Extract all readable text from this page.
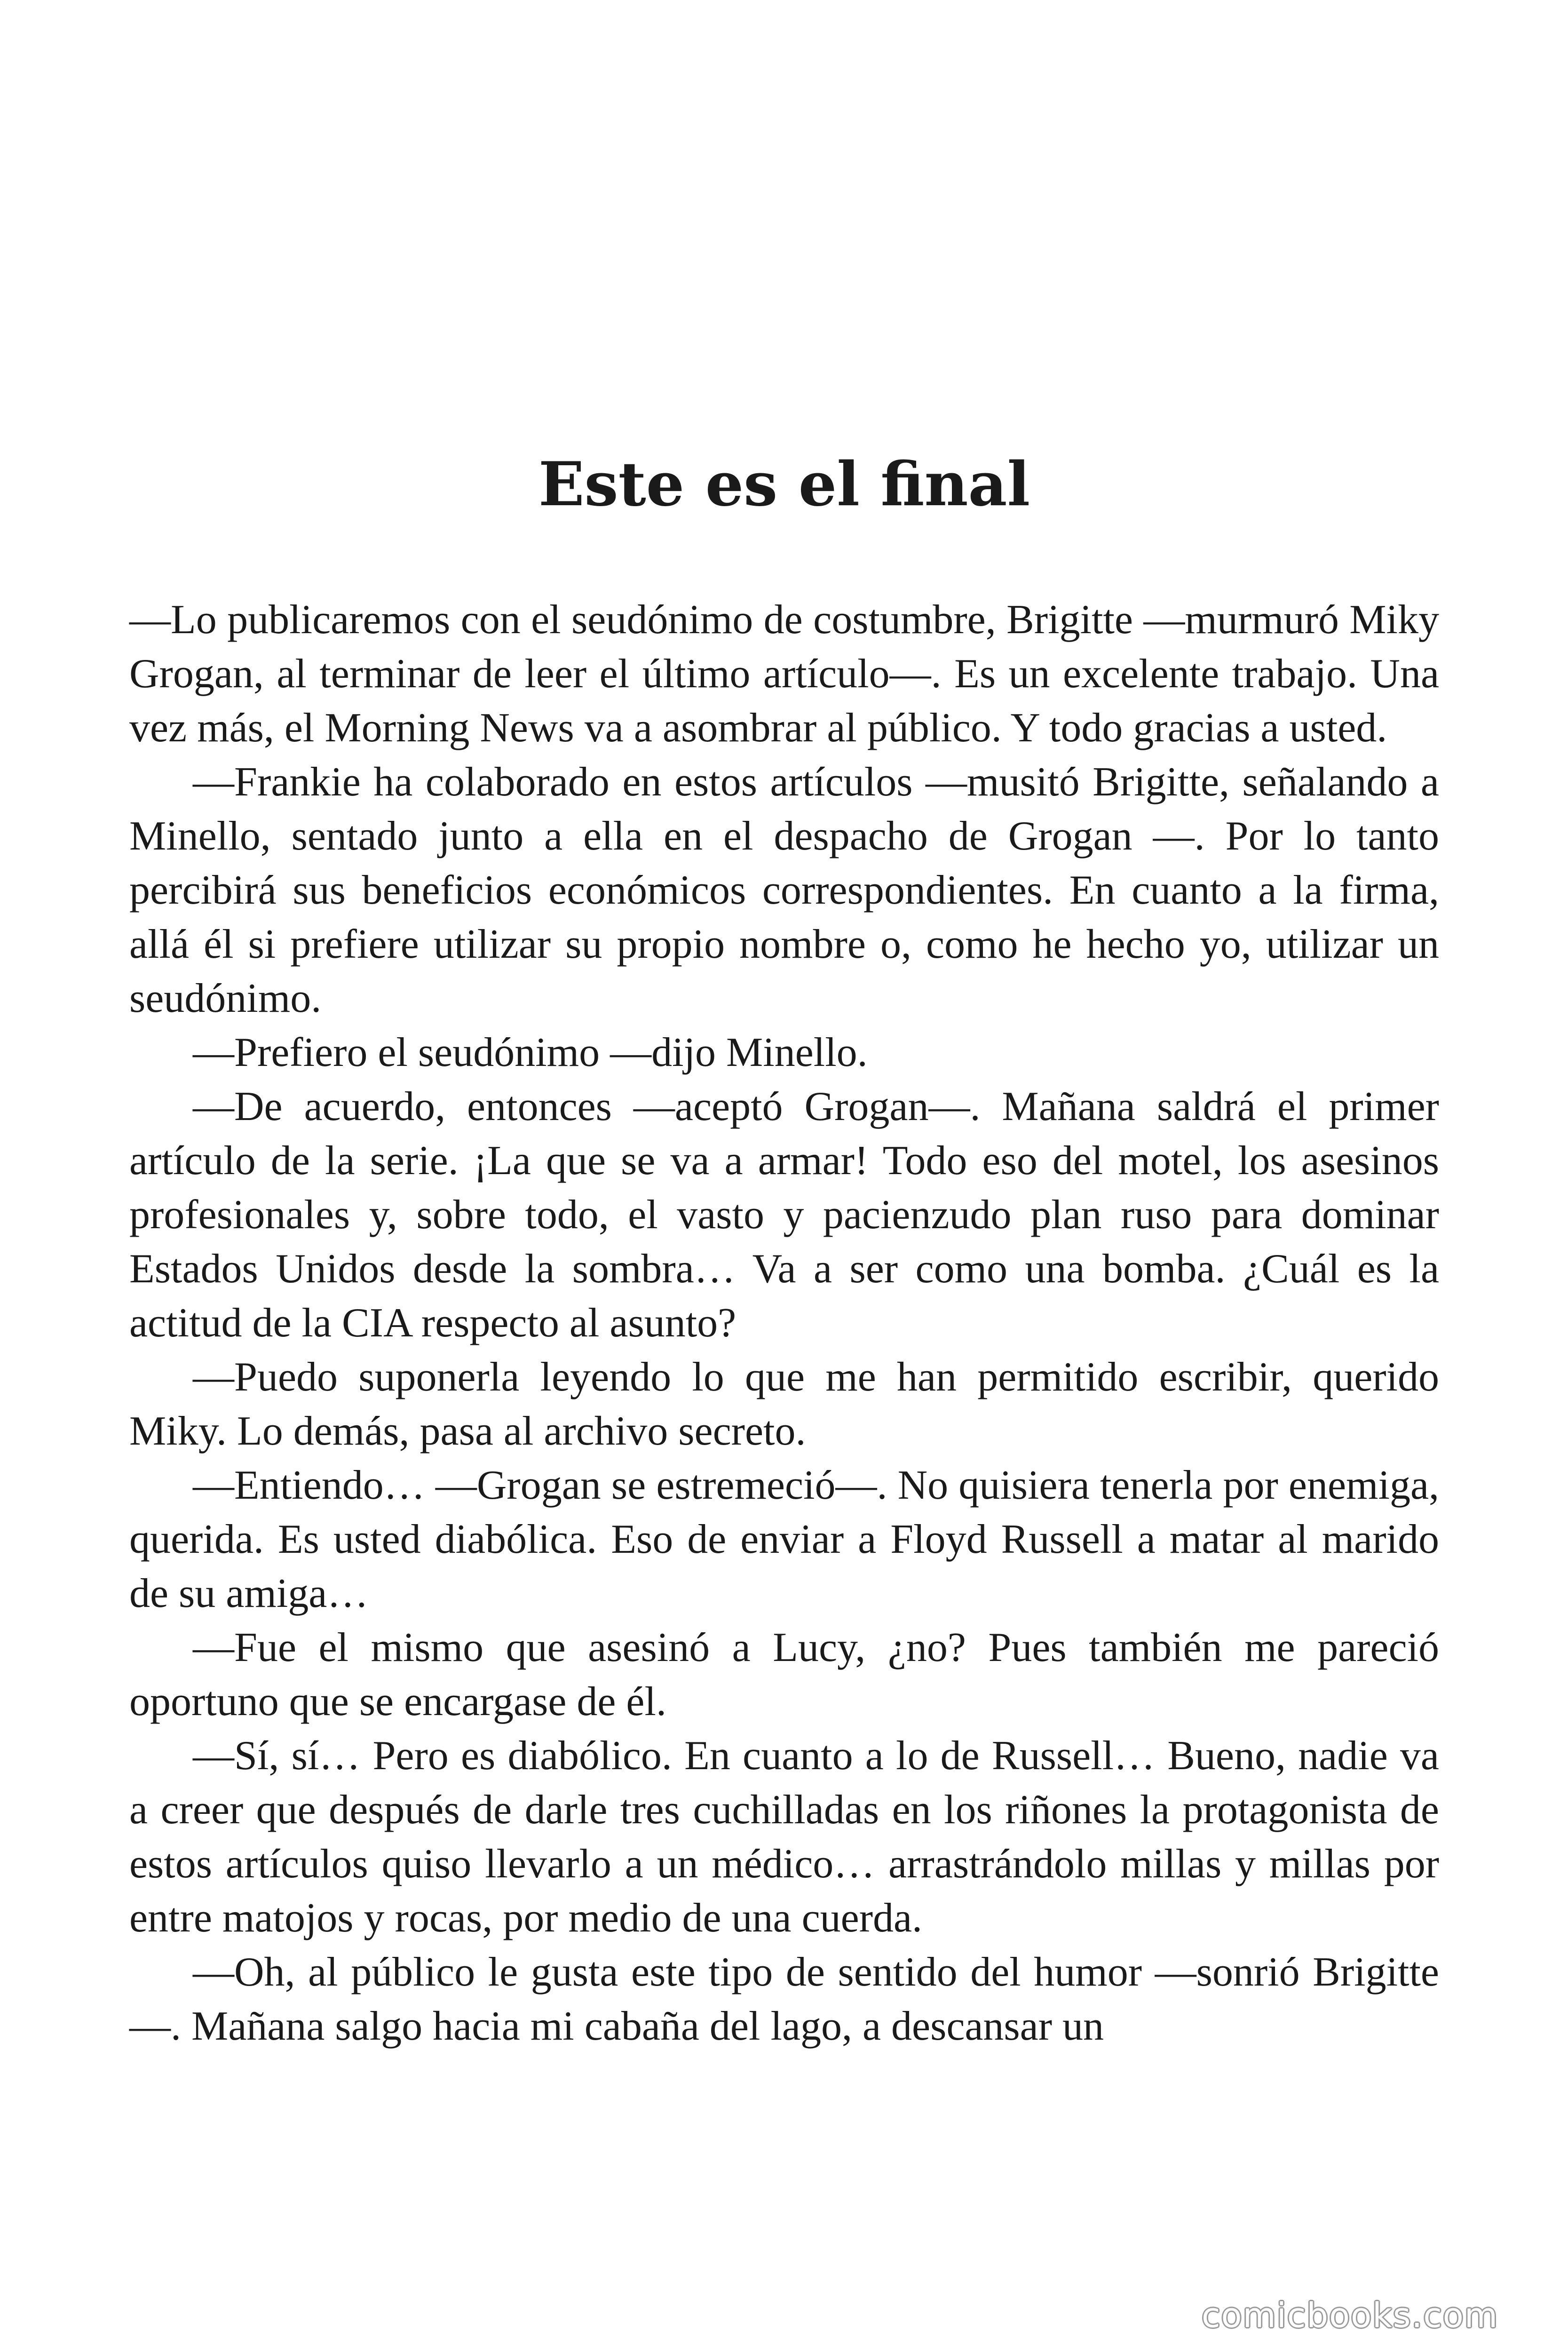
Este es el final

—Lo publicaremos con el seudónimo de costumbre, Brigitte —murmuró Miky Grogan, al terminar de leer el último artículo—. Es un excelente trabajo. Una vez más, el Morning News va a asombrar al público. Y todo gracias a usted.

—Frankie ha colaborado en estos artículos —musitó Brigitte, señalando a Minello, sentado junto a ella en el despacho de Grogan —. Por lo tanto percibirá sus beneficios económicos correspondientes. En cuanto a la firma, allá él si prefiere utilizar su propio nombre o, como he hecho yo, utilizar un seudónimo.

—Prefiero el seudónimo —dijo Minello.

—De acuerdo, entonces —aceptó Grogan—. Mañana saldrá el primer artículo de la serie. ¡La que se va a armar! Todo eso del motel, los asesinos profesionales y, sobre todo, el vasto y pacienzudo plan ruso para dominar Estados Unidos desde la sombra… Va a ser como una bomba. ¿Cuál es la actitud de la CIA respecto al asunto?

—Puedo suponerla leyendo lo que me han permitido escribir, querido Miky. Lo demás, pasa al archivo secreto.

—Entiendo… —Grogan se estremeció—. No quisiera tenerla por enemiga, querida. Es usted diabólica. Eso de enviar a Floyd Russell a matar al marido de su amiga…

—Fue el mismo que asesinó a Lucy, ¿no? Pues también me pareció oportuno que se encargase de él.

—Sí, sí… Pero es diabólico. En cuanto a lo de Russell… Bueno, nadie va a creer que después de darle tres cuchilladas en los riñones la protagonista de estos artículos quiso llevarlo a un médico… arrastrándolo millas y millas por entre matojos y rocas, por medio de una cuerda.

—Oh, al público le gusta este tipo de sentido del humor —sonrió Brigitte—. Mañana salgo hacia mi cabaña del lago, a descansar un

comicbooks.com
